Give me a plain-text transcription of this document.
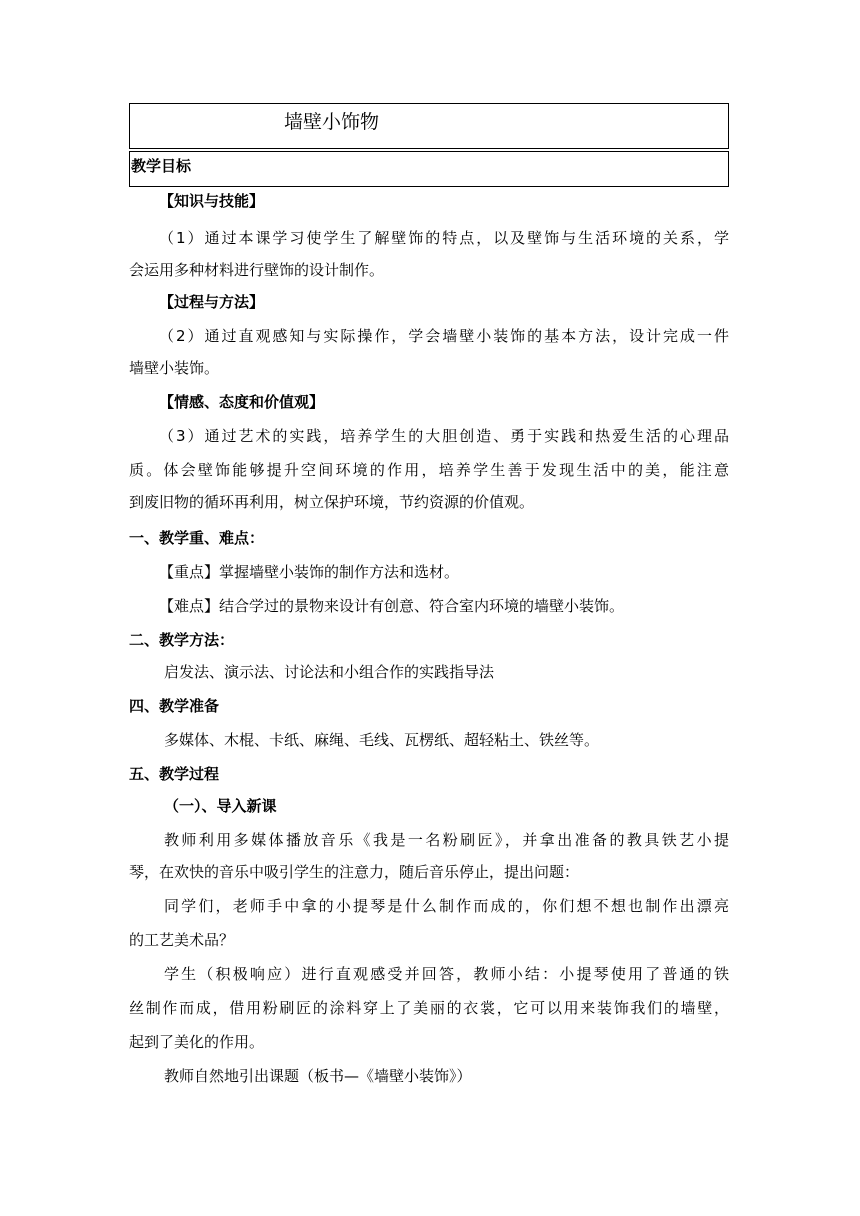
墙壁小饰物
教学目标
【知识与技能】
（1）通过本课学习使学生了解壁饰的特点，以及壁饰与生活环境的关系，学
会运用多种材料进行壁饰的设计制作。
【过程与方法】
（2）通过直观感知与实际操作，学会墙壁小装饰的基本方法，设计完成一件
墙壁小装饰。
【情感、态度和价值观】
（3）通过艺术的实践，培养学生的大胆创造、勇于实践和热爱生活的心理品
质。体会壁饰能够提升空间环境的作用，培养学生善于发现生活中的美，能注意
到废旧物的循环再利用，树立保护环境，节约资源的价值观。
一、教学重、难点：
【重点】掌握墙壁小装饰的制作方法和选材。
【难点】结合学过的景物来设计有创意、符合室内环境的墙壁小装饰。
二、教学方法：
启发法、演示法、讨论法和小组合作的实践指导法
四、教学准备
多媒体、木棍、卡纸、麻绳、毛线、瓦楞纸、超轻粘土、铁丝等。
五、教学过程
（一）、导入新课
教师利用多媒体播放音乐《我是一名粉刷匠》，并拿出准备的教具铁艺小提
琴，在欢快的音乐中吸引学生的注意力，随后音乐停止，提出问题：
同学们，老师手中拿的小提琴是什么制作而成的，你们想不想也制作出漂亮
的工艺美术品？
学生（积极响应）进行直观感受并回答，教师小结：小提琴使用了普通的铁
丝制作而成，借用粉刷匠的涂料穿上了美丽的衣裳，它可以用来装饰我们的墙壁，
起到了美化的作用。
教师自然地引出课题（板书—《墙壁小装饰》）
